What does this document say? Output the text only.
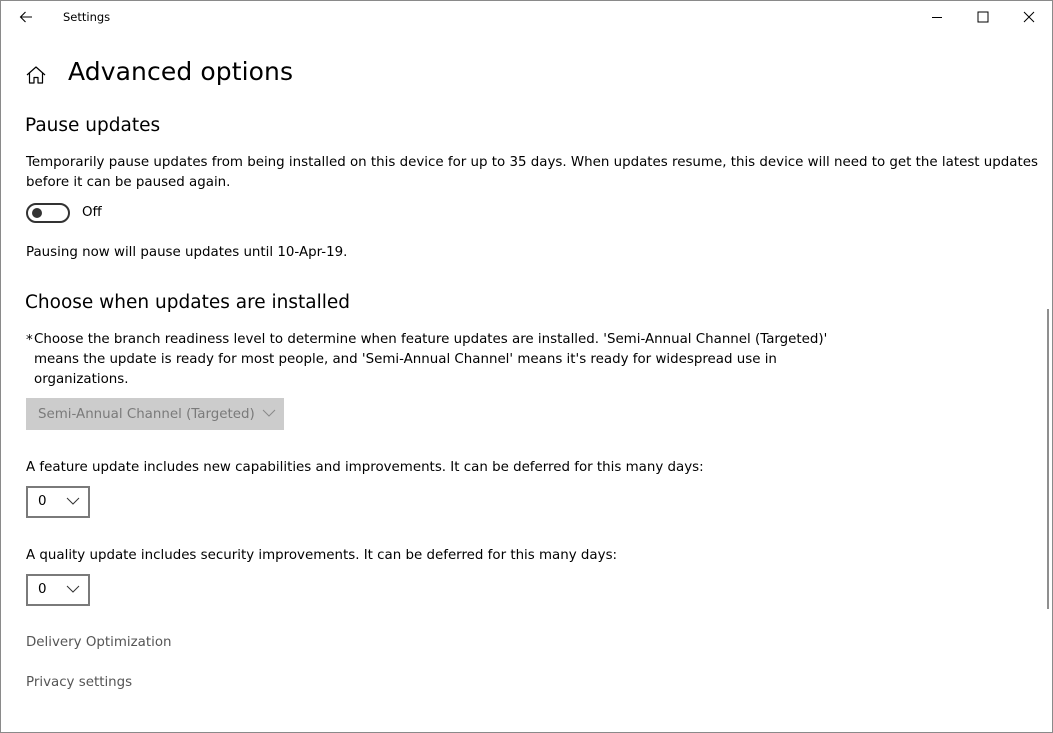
Settings
Advanced options
Pause updates
Temporarily pause updates from being installed on this device for up to 35 days. When updates resume, this device will need to get the latest updates
before it can be paused again.
Off
Pausing now will pause updates until 10-Apr-19.
Choose when updates are installed
* Choose the branch readiness level to determine when feature updates are installed. 'Semi-Annual Channel (Targeted)'
means the update is ready for most people, and 'Semi-Annual Channel' means it's ready for widespread use in
organizations.
Semi-Annual Channel (Targeted)
A feature update includes new capabilities and improvements. It can be deferred for this many days:
0
A quality update includes security improvements. It can be deferred for this many days:
0
Delivery Optimization
Privacy settings
